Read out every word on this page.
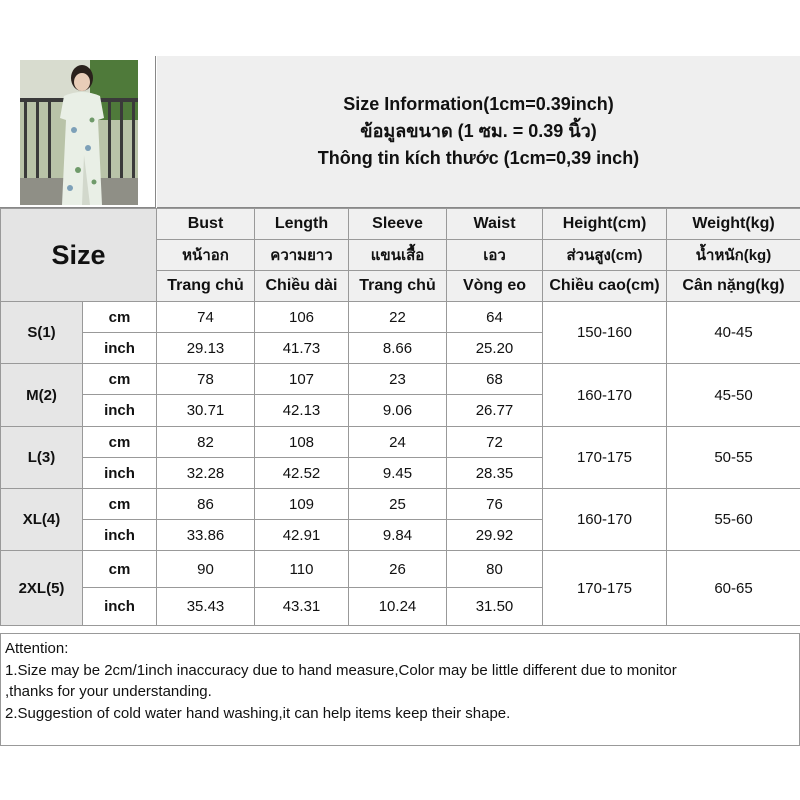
Size Information(1cm=0.39inch)
ข้อมูลขนาด (1 ซม. = 0.39 นิ้ว)
Thông tin kích thước (1cm=0,39 inch)
Size		Bust	Length	Sleeve	Waist	Height(cm)	Weight(kg)
		หน้าอก	ความยาว	แขนเสื้อ	เอว	ส่วนสูง(cm)	น้ำหนัก(kg)
		Trang chủ	Chiều dài	Trang chủ	Vòng eo	Chiều cao(cm)	Cân nặng(kg)
S(1)	cm	74	106	22	64	150-160	40-45
	inch	29.13	41.73	8.66	25.20		
M(2)	cm	78	107	23	68	160-170	45-50
	inch	30.71	42.13	9.06	26.77		
L(3)	cm	82	108	24	72	170-175	50-55
	inch	32.28	42.52	9.45	28.35		
XL(4)	cm	86	109	25	76	160-170	55-60
	inch	33.86	42.91	9.84	29.92		
2XL(5)	cm	90	110	26	80	170-175	60-65
	inch	35.43	43.31	10.24	31.50		
Attention:
1.Size may be 2cm/1inch inaccuracy due to hand measure,Color may be little different due to monitor
,thanks for your understanding.
2.Suggestion of cold water hand washing,it can help items keep their shape.
